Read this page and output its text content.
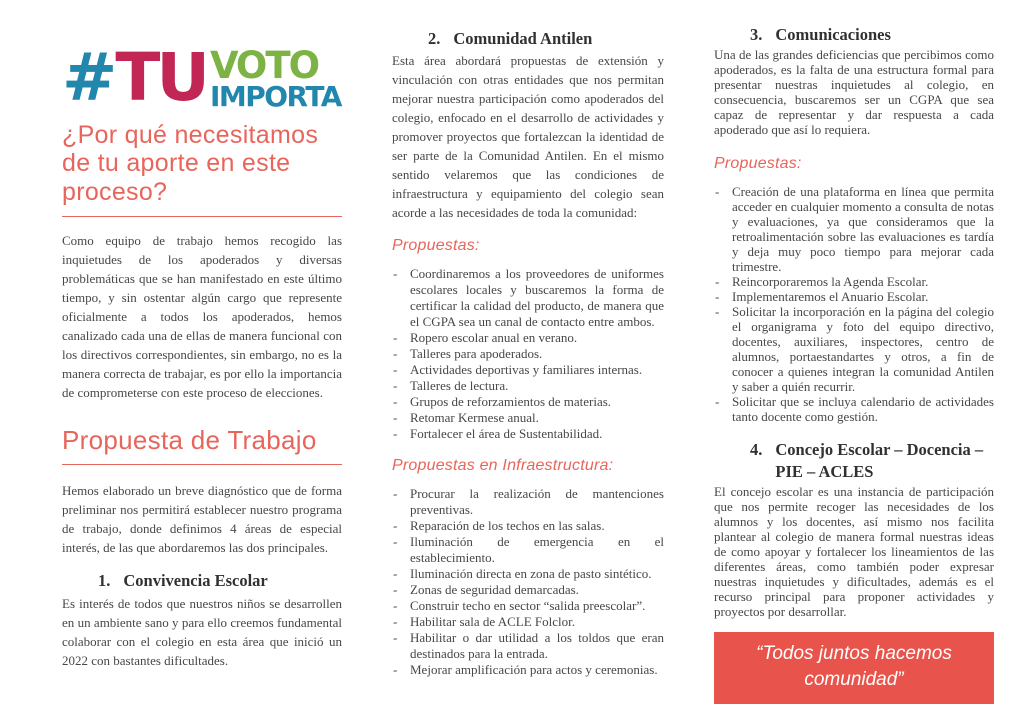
# TU VOTO
IMPORTA
¿Por qué necesitamos de tu aporte en este proceso?

Como equipo de trabajo hemos recogido las inquietudes de los apoderados y diversas problemáticas que se han manifestado en este último tiempo, y sin ostentar algún cargo que represente oficialmente a todos los apoderados, hemos canalizado cada una de ellas de manera funcional con los directivos correspondientes, sin embargo, no es la manera correcta de trabajar, es por ello la importancia de comprometerse con este proceso de elecciones.

Propuesta de Trabajo

Hemos elaborado un breve diagnóstico que de forma preliminar nos permitirá establecer nuestro programa de trabajo, donde definimos 4 áreas de especial interés, de las que abordaremos las dos principales.

1. Convivencia Escolar

Es interés de todos que nuestros niños se desarrollen en un ambiente sano y para ello creemos fundamental colaborar con el colegio en esta área que inició un 2022 con bastantes dificultades.

2. Comunidad Antilen

Esta área abordará propuestas de extensión y vinculación con otras entidades que nos permitan mejorar nuestra participación como apoderados del colegio, enfocado en el desarrollo de actividades y promover proyectos que fortalezcan la identidad de ser parte de la Comunidad Antilen. En el mismo sentido velaremos que las condiciones de infraestructura y equipamiento del colegio sean acorde a las necesidades de toda la comunidad:

Propuestas:
- Coordinaremos a los proveedores de uniformes escolares locales y buscaremos la forma de certificar la calidad del producto, de manera que el CGPA sea un canal de contacto entre ambos.
- Ropero escolar anual en verano.
- Talleres para apoderados.
- Actividades deportivas y familiares internas.
- Talleres de lectura.
- Grupos de reforzamientos de materias.
- Retomar Kermese anual.
- Fortalecer el área de Sustentabilidad.
Propuestas en Infraestructura:
- Procurar la realización de mantenciones preventivas.
- Reparación de los techos en las salas.
- Iluminación de emergencia en el establecimiento.
- Iluminación directa en zona de pasto sintético.
- Zonas de seguridad demarcadas.
- Construir techo en sector “salida preescolar”.
- Habilitar sala de ACLE Folclor.
- Habilitar o dar utilidad a los toldos que eran destinados para la entrada.
- Mejorar amplificación para actos y ceremonias.
3. Comunicaciones

Una de las grandes deficiencias que percibimos como apoderados, es la falta de una estructura formal para presentar nuestras inquietudes al colegio, en consecuencia, buscaremos ser un CGPA que sea capaz de representar y dar respuesta a cada apoderado que así lo requiera.

Propuestas:
- Creación de una plataforma en línea que permita acceder en cualquier momento a consulta de notas y evaluaciones, ya que consideramos que la retroalimentación sobre las evaluaciones es tardía y deja muy poco tiempo para mejorar cada trimestre.
- Reincorporaremos la Agenda Escolar.
- Implementaremos el Anuario Escolar.
- Solicitar la incorporación en la página del colegio el organigrama y foto del equipo directivo, docentes, auxiliares, inspectores, centro de alumnos, portaestandartes y otros, a fin de conocer a quienes integran la comunidad Antilen y saber a quién recurrir.
- Solicitar que se incluya calendario de actividades tanto docente como gestión.
4. Concejo Escolar – Docencia – PIE – ACLES

El concejo escolar es una instancia de participación que nos permite recoger las necesidades de los alumnos y los docentes, así mismo nos facilita plantear al colegio de manera formal nuestras ideas de como apoyar y fortalecer los lineamientos de las diferentes áreas, como también poder expresar nuestras inquietudes y dificultades, además es el recurso principal para proponer actividades y proyectos por desarrollar.

“Todos juntos hacemos comunidad”
